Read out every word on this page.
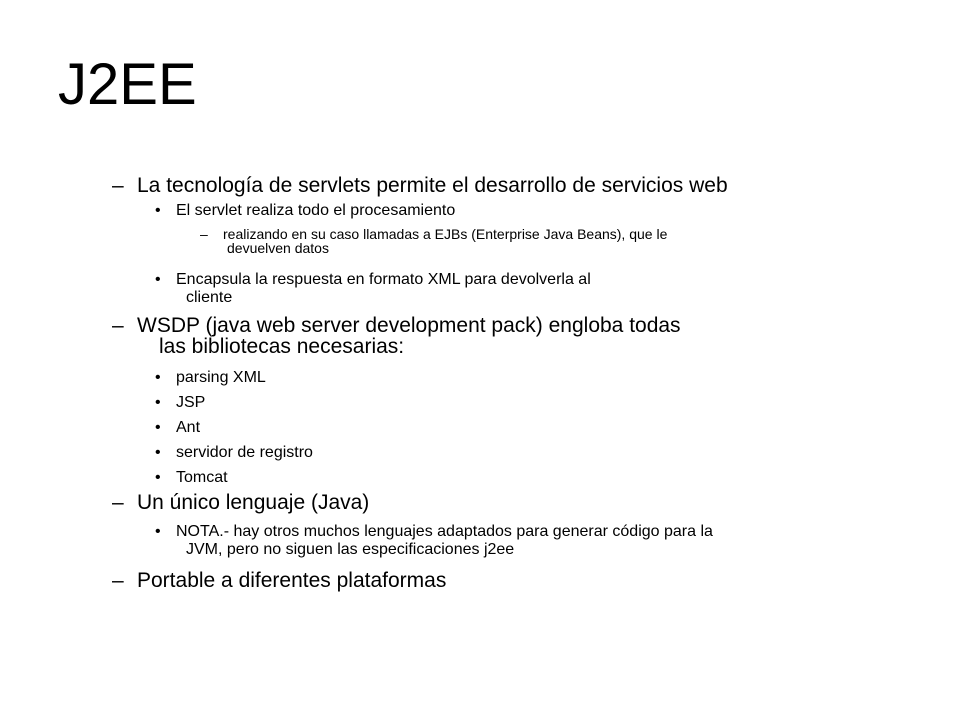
J2EE
– La tecnología de servlets permite el desarrollo de servicios web
• El servlet realiza todo el procesamiento
– realizando en su caso llamadas a EJBs (Enterprise Java Beans), que le
devuelven datos
• Encapsula la respuesta en formato XML para devolverla al
cliente
– WSDP (java web server development pack) engloba todas
las bibliotecas necesarias:
• parsing XML
• JSP
• Ant
• servidor de registro
• Tomcat
– Un único lenguaje (Java)
• NOTA.- hay otros muchos lenguajes adaptados para generar código para la
JVM, pero no siguen las especificaciones j2ee
– Portable a diferentes plataformas
